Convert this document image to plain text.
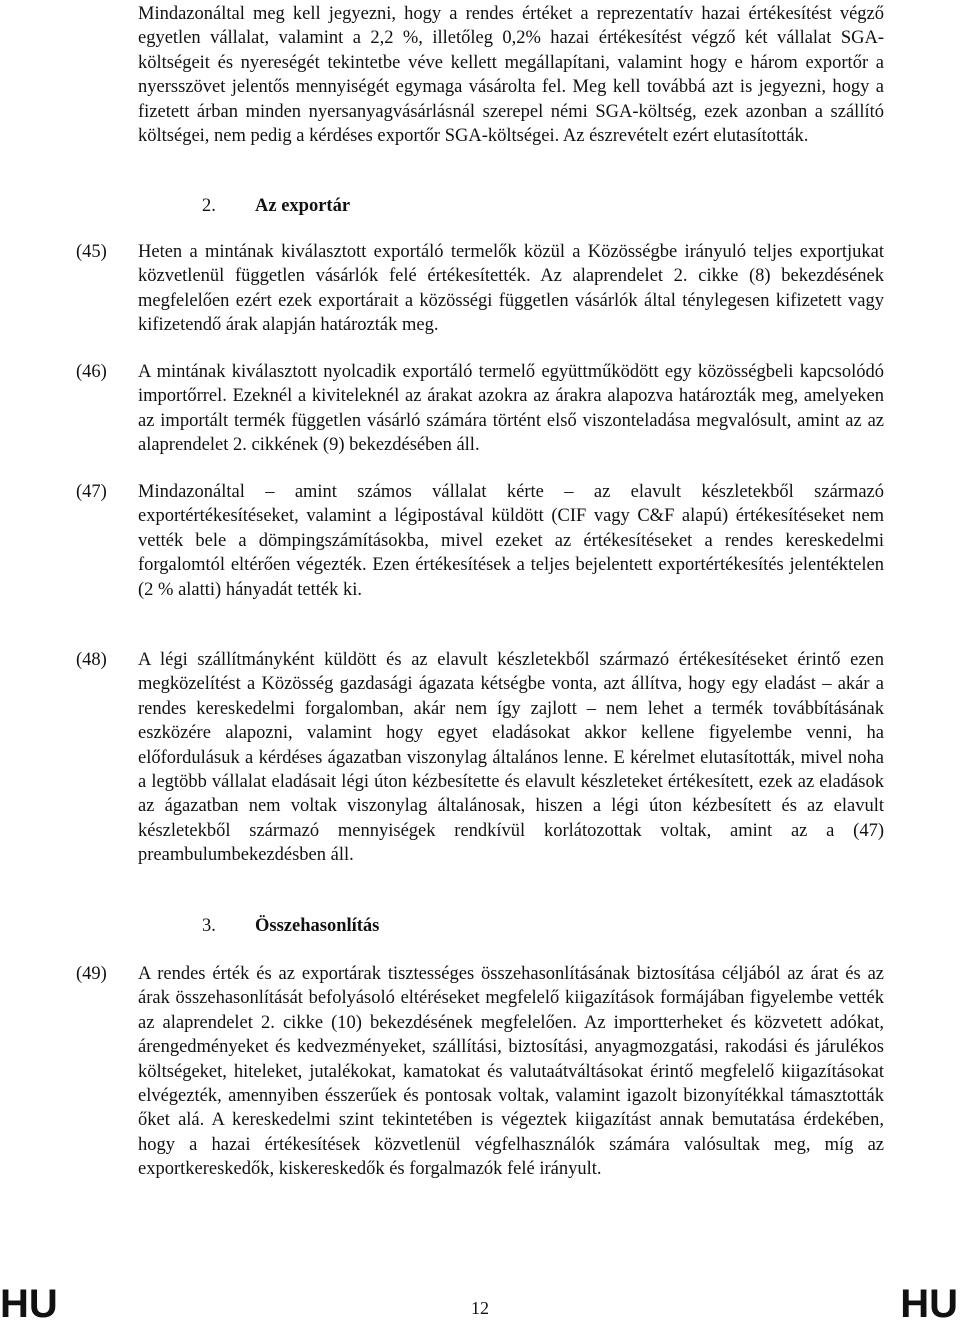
Mindazonáltal meg kell jegyezni, hogy a rendes értéket a reprezentatív hazai értékesítést végző egyetlen vállalat, valamint a 2,2 %, illetőleg 0,2% hazai értékesítést végző két vállalat SGA-költségeit és nyereségét tekintetbe véve kellett megállapítani, valamint hogy e három exportőr a nyersszövet jelentős mennyiségét egymaga vásárolta fel. Meg kell továbbá azt is jegyezni, hogy a fizetett árban minden nyersanyagvásárlásnál szerepel némi SGA-költség, ezek azonban a szállító költségei, nem pedig a kérdéses exportőr SGA-költségei. Az észrevételt ezért elutasították.

2. Az exportár
(45) Heten a mintának kiválasztott exportáló termelők közül a Közösségbe irányuló teljes exportjukat közvetlenül független vásárlók felé értékesítették. Az alaprendelet 2. cikke (8) bekezdésének megfelelően ezért ezek exportárait a közösségi független vásárlók által ténylegesen kifizetett vagy kifizetendő árak alapján határozták meg.

(46) A mintának kiválasztott nyolcadik exportáló termelő együttműködött egy közösségbeli kapcsolódó importőrrel. Ezeknél a kiviteleknél az árakat azokra az árakra alapozva határozták meg, amelyeken az importált termék független vásárló számára történt első viszonteladása megvalósult, amint az az alaprendelet 2. cikkének (9) bekezdésében áll.

(47) Mindazonáltal – amint számos vállalat kérte – az elavult készletekből származó exportértékesítéseket, valamint a légipostával küldött (CIF vagy C&F alapú) értékesítéseket nem vették bele a dömpingszámításokba, mivel ezeket az értékesítéseket a rendes kereskedelmi forgalomtól eltérően végezték. Ezen értékesítések a teljes bejelentett exportértékesítés jelentéktelen (2 % alatti) hányadát tették ki.

(48) A légi szállítmányként küldött és az elavult készletekből származó értékesítéseket érintő ezen megközelítést a Közösség gazdasági ágazata kétségbe vonta, azt állítva, hogy egy eladást – akár a rendes kereskedelmi forgalomban, akár nem így zajlott – nem lehet a termék továbbításának eszközére alapozni, valamint hogy egyet eladásokat akkor kellene figyelembe venni, ha előfordulásuk a kérdéses ágazatban viszonylag általános lenne. E kérelmet elutasították, mivel noha a legtöbb vállalat eladásait légi úton kézbesítette és elavult készleteket értékesített, ezek az eladások az ágazatban nem voltak viszonylag általánosak, hiszen a légi úton kézbesített és az elavult készletekből származó mennyiségek rendkívül korlátozottak voltak, amint az a (47) preambulumbekezdésben áll.

3. Összehasonlítás
(49) A rendes érték és az exportárak tisztességes összehasonlításának biztosítása céljából az árat és az árak összehasonlítását befolyásoló eltéréseket megfelelő kiigazítások formájában figyelembe vették az alaprendelet 2. cikke (10) bekezdésének megfelelően. Az importterheket és közvetett adókat, árengedményeket és kedvezményeket, szállítási, biztosítási, anyagmozgatási, rakodási és járulékos költségeket, hiteleket, jutalékokat, kamatokat és valutaátváltásokat érintő megfelelő kiigazításokat elvégezték, amennyiben ésszerűek és pontosak voltak, valamint igazolt bizonyítékkal támasztották őket alá. A kereskedelmi szint tekintetében is végeztek kiigazítást annak bemutatása érdekében, hogy a hazai értékesítések közvetlenül végfelhasználók számára valósultak meg, míg az exportkereskedők, kiskereskedők és forgalmazók felé irányult.

HU	12	HU
